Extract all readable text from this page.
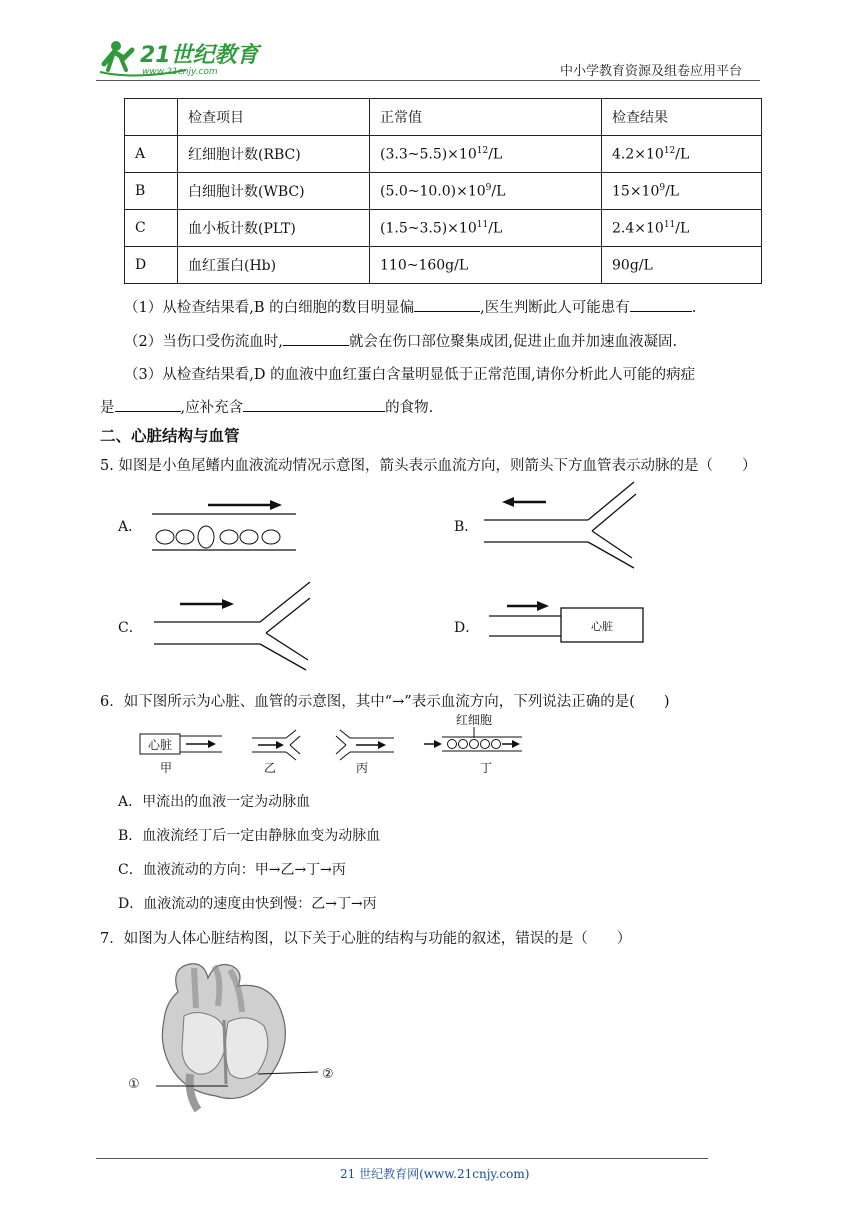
21世纪教育
www.21cnjy.com	中小学教育资源及组卷应用平台
	检查项目	正常值	检查结果
A	红细胞计数(RBC)	$(3.3\sim 5.5)\times 10^{12}/L$	$4.2\times 10^{12}/L$
B	白细胞计数(WBC)	$(5.0\sim 10.0)\times 10^9/L$	$15\times 10^9/L$
C	血小板计数(PLT)	$(1.5\sim 3.5)\times 10^{11}/L$	$2.4\times 10^{11}/L$
D	血红蛋白(Hb)	110~160g/L	90g/L
（1）从检查结果看,B 的白细胞的数目明显偏	,医生判断此人可能患有	.
（2）当伤口受伤流血时,	就会在伤口部位聚集成团,促进止血并加速血液凝固.
（3）从检查结果看,D 的血液中血红蛋白含量明显低于正常范围,请你分析此人可能的病症
是	,应补充含	的食物.
二、心脏结构与血管
5. 如图是小鱼尾鳍内血液流动情况示意图，箭头表示血流方向，则箭头下方血管表示动脉的是（　　）
A．	B．
C．	D．	心脏
6．如下图所示为心脏、血管的示意图，其中“→”表示血流方向，下列说法正确的是(　　)
心脏
甲	乙	丙
红细胞
丁
A．甲流出的血液一定为动脉血
B．血液流经丁后一定由静脉血变为动脉血
C．血液流动的方向：甲→乙→丁→丙
D．血液流动的速度由快到慢：乙→丁→丙
7．如图为人体心脏结构图，以下关于心脏的结构与功能的叙述，错误的是（　　）
①
②
21 世纪教育网(www.21cnjy.com)
